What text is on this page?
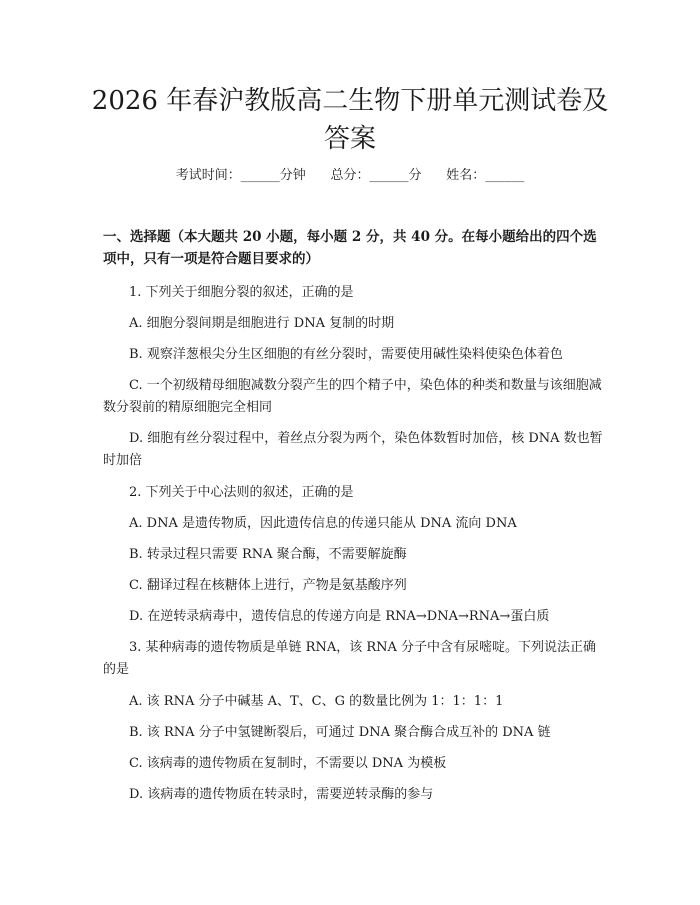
2026 年春沪教版高二生物下册单元测试卷及答案
考试时间：______分钟      总分：______分      姓名：______
一、选择题（本大题共 20 小题，每小题 2 分，共 40 分。在每小题给出的四个选项中，只有一项是符合题目要求的）
1. 下列关于细胞分裂的叙述，正确的是
A. 细胞分裂间期是细胞进行 DNA 复制的时期
B. 观察洋葱根尖分生区细胞的有丝分裂时，需要使用碱性染料使染色体着色
C. 一个初级精母细胞减数分裂产生的四个精子中，染色体的种类和数量与该细胞减数分裂前的精原细胞完全相同
D. 细胞有丝分裂过程中，着丝点分裂为两个，染色体数暂时加倍，核 DNA 数也暂时加倍
2. 下列关于中心法则的叙述，正确的是
A. DNA 是遗传物质，因此遗传信息的传递只能从 DNA 流向 DNA
B. 转录过程只需要 RNA 聚合酶，不需要解旋酶
C. 翻译过程在核糖体上进行，产物是氨基酸序列
D. 在逆转录病毒中，遗传信息的传递方向是 RNA→DNA→RNA→蛋白质
3. 某种病毒的遗传物质是单链 RNA，该 RNA 分子中含有尿嘧啶。下列说法正确的是
A. 该 RNA 分子中碱基 A、T、C、G 的数量比例为 1：1：1：1
B. 该 RNA 分子中氢键断裂后，可通过 DNA 聚合酶合成互补的 DNA 链
C. 该病毒的遗传物质在复制时，不需要以 DNA 为模板
D. 该病毒的遗传物质在转录时，需要逆转录酶的参与
